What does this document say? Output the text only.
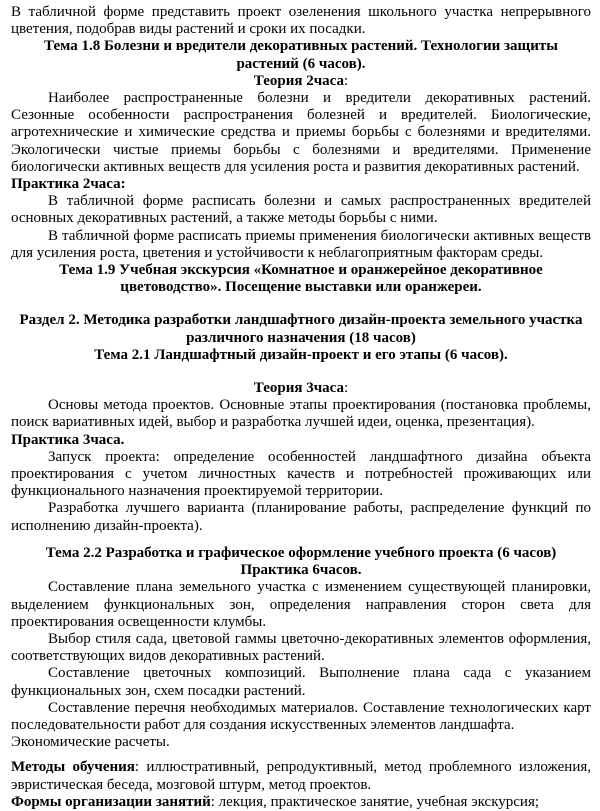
В табличной форме представить проект озеленения школьного участка непрерывного цветения, подобрав виды растений и сроки их посадки.

Тема 1.8 Болезни и вредители декоративных растений. Технологии защиты растений (6 часов).

Теория 2часа:

Наиболее распространенные болезни и вредители декоративных растений. Сезонные особенности распространения болезней и вредителей. Биологические, агротехнические и химические средства и приемы борьбы с болезнями и вредителями. Экологически чистые приемы борьбы с болезнями и вредителями. Применение биологически активных веществ для усиления роста и развития декоративных растений.

Практика 2часа:

В табличной форме расписать болезни и самых распространенных вредителей основных декоративных растений, а также методы борьбы с ними.

В табличной форме расписать приемы применения биологически активных веществ для усиления роста, цветения и устойчивости к неблагоприятным факторам среды.

Тема 1.9 Учебная экскурсия «Комнатное и оранжерейное декоративное цветоводство». Посещение выставки или оранжереи.

Раздел 2. Методика разработки ландшафтного дизайн-проекта земельного участка различного назначения (18 часов)

Тема 2.1 Ландшафтный дизайн-проект и его этапы (6 часов).

Теория 3часа:

Основы метода проектов. Основные этапы проектирования (постановка проблемы, поиск вариативных идей, выбор и разработка лучшей идеи, оценка, презентация).

Практика 3часа.

Запуск проекта: определение особенностей ландшафтного дизайна объекта проектирования с учетом личностных качеств и потребностей проживающих или функционального назначения проектируемой территории.

Разработка лучшего варианта (планирование работы, распределение функций по исполнению дизайн-проекта).

Тема 2.2 Разработка и графическое оформление учебного проекта (6 часов)

Практика 6часов.

Составление плана земельного участка с изменением существующей планировки, выделением функциональных зон, определения направления сторон света для проектирования освещенности клумбы.

Выбор стиля сада, цветовой гаммы цветочно-декоративных элементов оформления, соответствующих видов декоративных растений.

Составление цветочных композиций. Выполнение плана сада с указанием функциональных зон, схем посадки растений.

Составление перечня необходимых материалов. Составление технологических карт последовательности работ для создания искусственных элементов ландшафта.

Экономические расчеты.

Методы обучения: иллюстративный, репродуктивный, метод проблемного изложения, эвристическая беседа, мозговой штурм, метод проектов.

Формы организации занятий: лекция, практическое занятие, учебная экскурсия;
